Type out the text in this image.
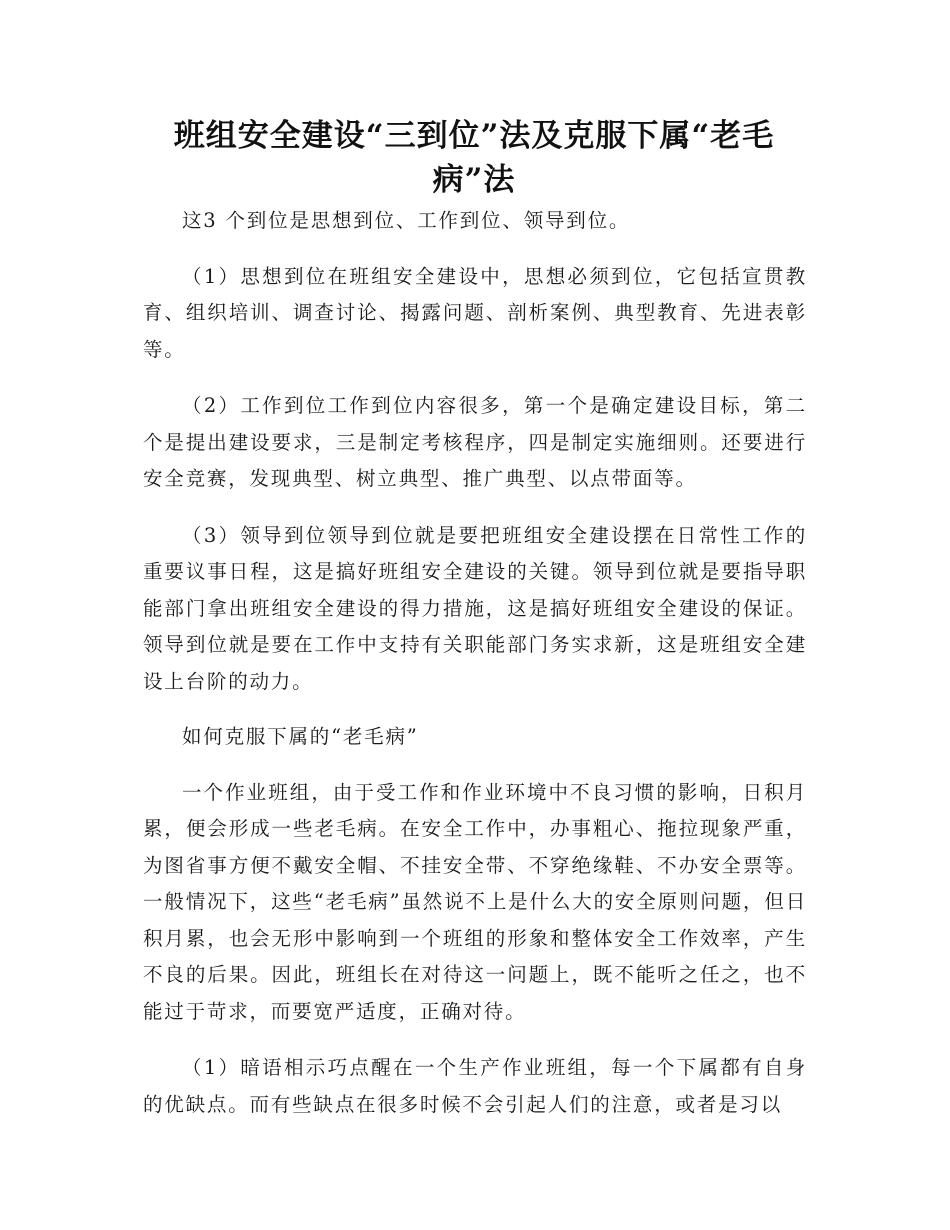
班组安全建设“三到位”法及克服下属“老毛病”法

这3 个到位是思想到位、工作到位、领导到位。

（1）思想到位在班组安全建设中，思想必须到位，它包括宣贯教育、组织培训、调查讨论、揭露问题、剖析案例、典型教育、先进表彰等。

（2）工作到位工作到位内容很多，第一个是确定建设目标，第二个是提出建设要求，三是制定考核程序，四是制定实施细则。还要进行安全竞赛，发现典型、树立典型、推广典型、以点带面等。

（3）领导到位领导到位就是要把班组安全建设摆在日常性工作的重要议事日程，这是搞好班组安全建设的关键。领导到位就是要指导职能部门拿出班组安全建设的得力措施，这是搞好班组安全建设的保证。领导到位就是要在工作中支持有关职能部门务实求新，这是班组安全建设上台阶的动力。

如何克服下属的“老毛病”

一个作业班组，由于受工作和作业环境中不良习惯的影响，日积月累，便会形成一些老毛病。在安全工作中，办事粗心、拖拉现象严重，为图省事方便不戴安全帽、不挂安全带、不穿绝缘鞋、不办安全票等。一般情况下，这些“老毛病”虽然说不上是什么大的安全原则问题，但日积月累，也会无形中影响到一个班组的形象和整体安全工作效率，产生不良的后果。因此，班组长在对待这一问题上，既不能听之任之，也不能过于苛求，而要宽严适度，正确对待。

（1）暗语相示巧点醒在一个生产作业班组，每一个下属都有自身的优缺点。而有些缺点在很多时候不会引起人们的注意，或者是习以
